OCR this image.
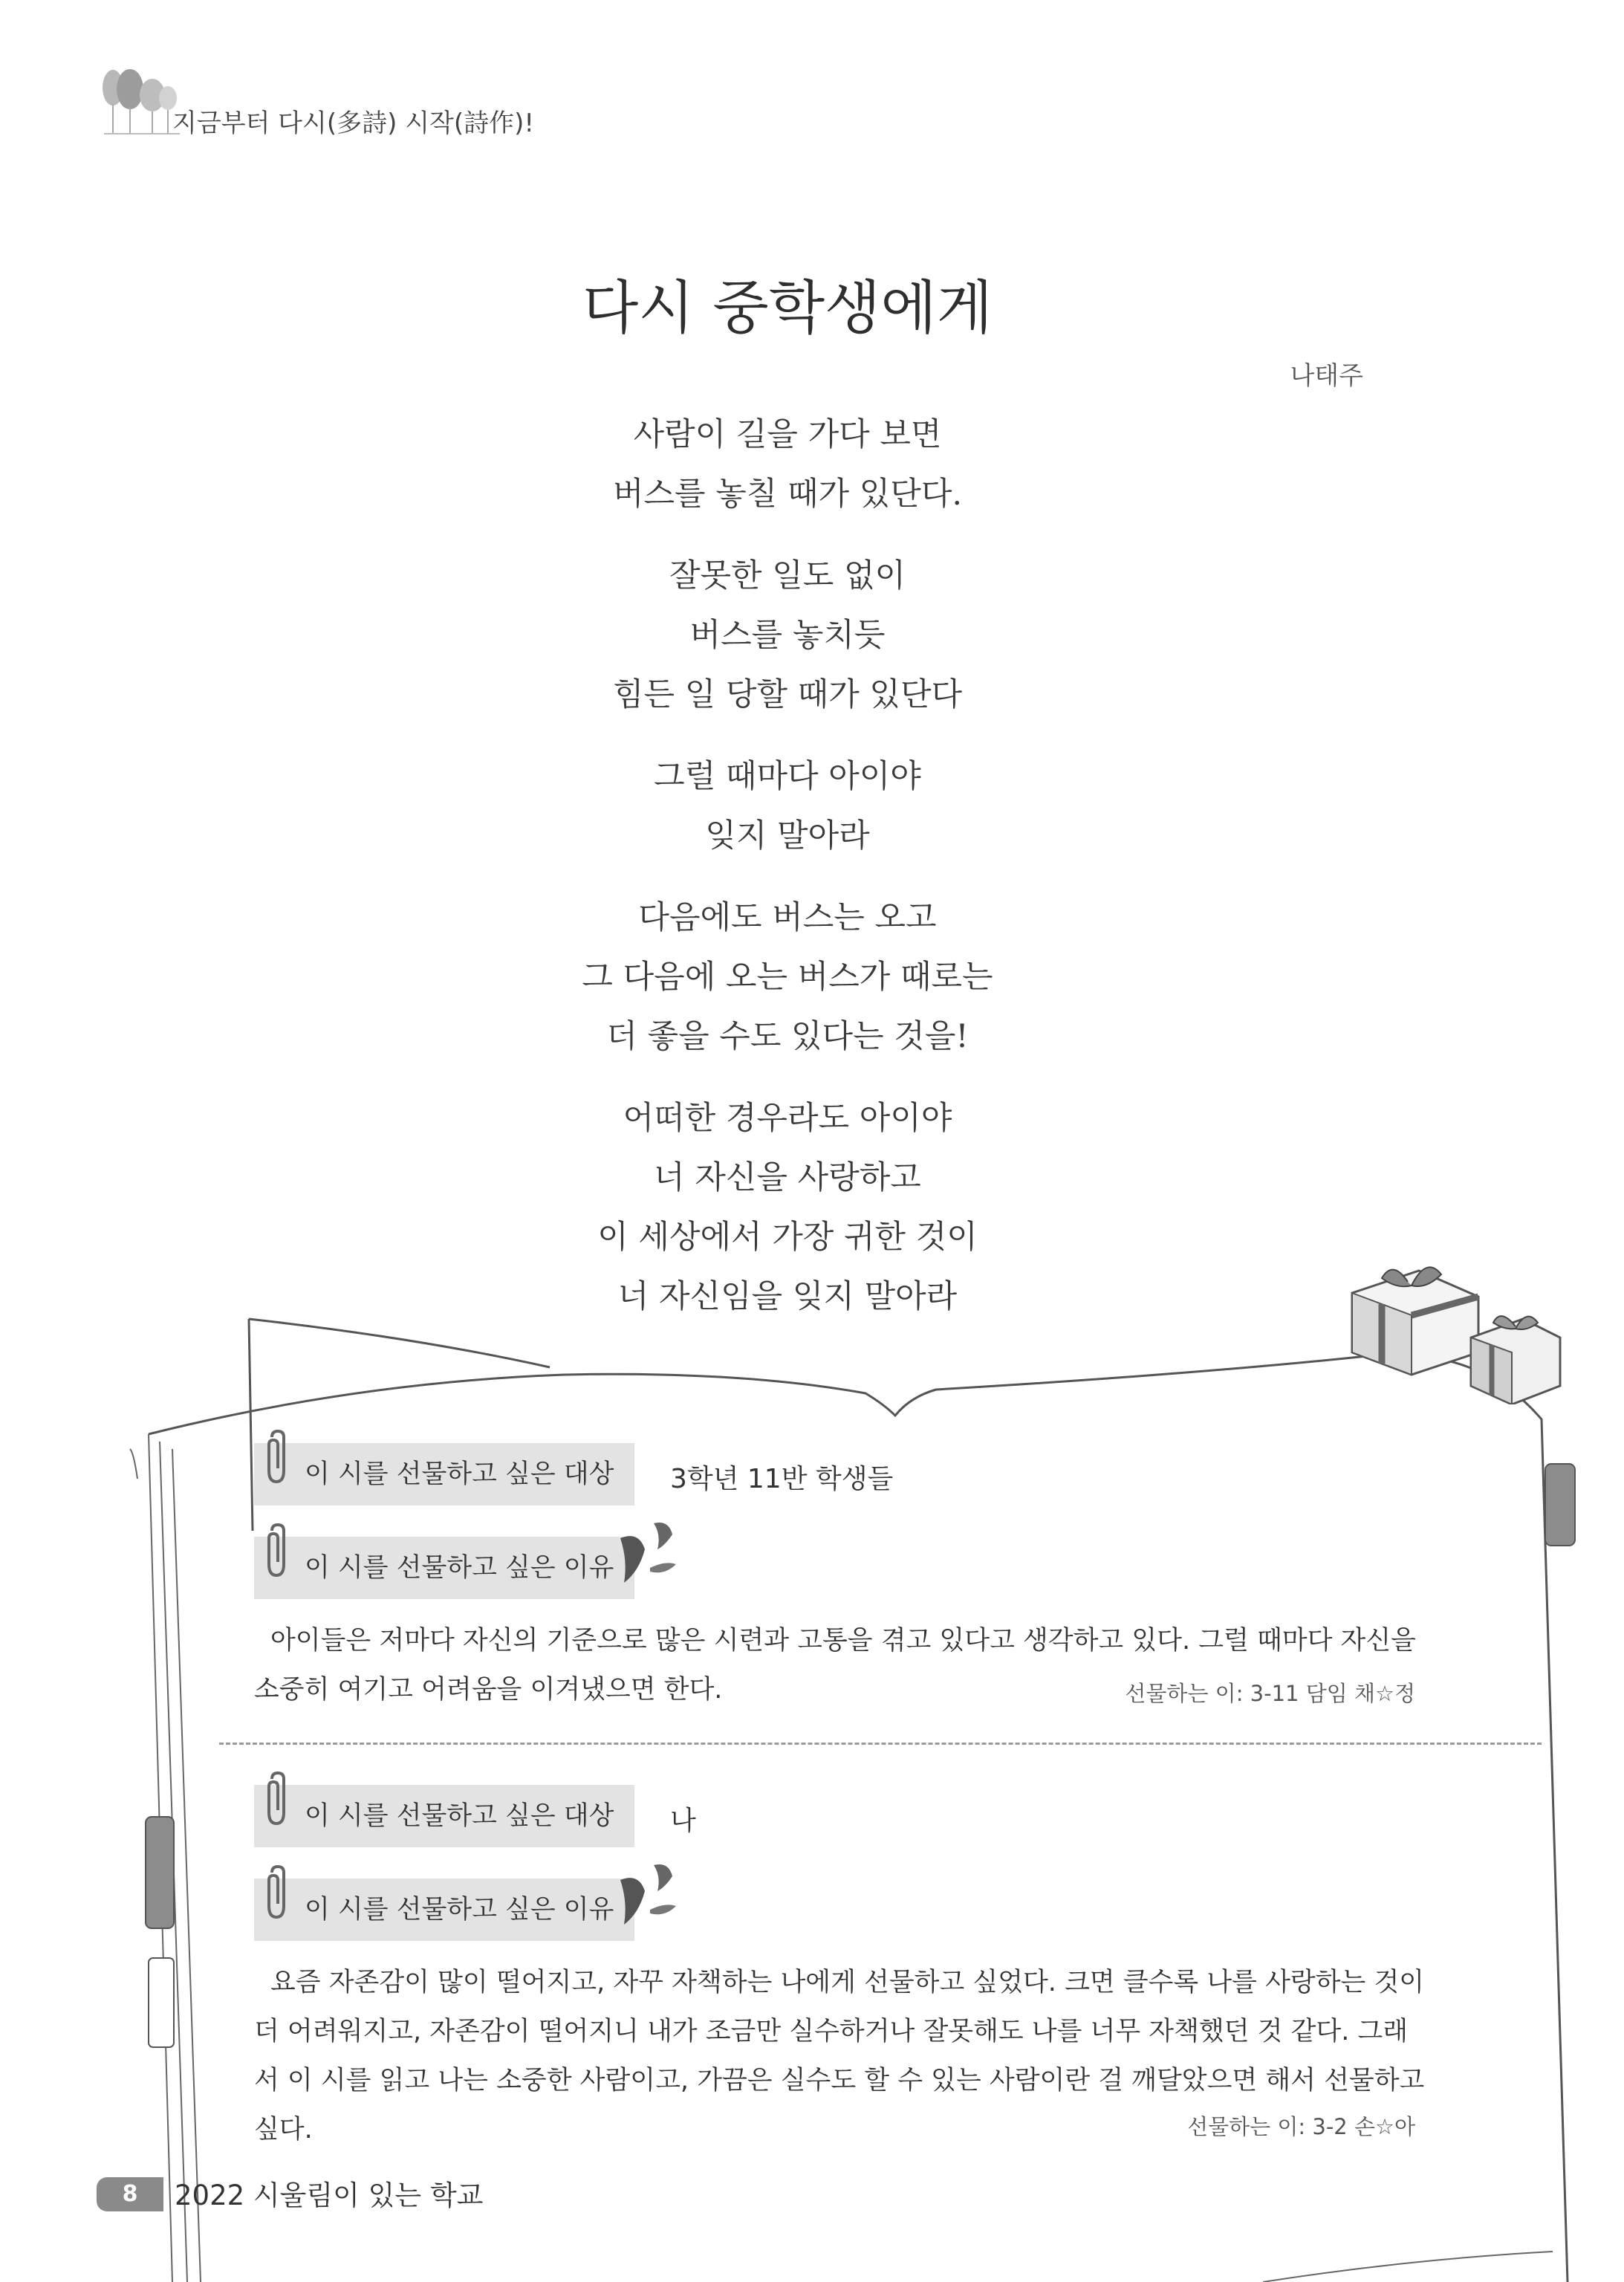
지금부터 다시(多詩) 시작(詩作)!
다시 중학생에게
나태주
사람이 길을 가다 보면
버스를 놓칠 때가 있단다.
잘못한 일도 없이
버스를 놓치듯
힘든 일 당할 때가 있단다
그럴 때마다 아이야
잊지 말아라
다음에도 버스는 오고
그 다음에 오는 버스가 때로는
더 좋을 수도 있다는 것을!
어떠한 경우라도 아이야
너 자신을 사랑하고
이 세상에서 가장 귀한 것이
너 자신임을 잊지 말아라
이 시를 선물하고 싶은 대상	3학년 11반 학생들
이 시를 선물하고 싶은 이유
아이들은 저마다 자신의 기준으로 많은 시련과 고통을 겪고 있다고 생각하고 있다. 그럴 때마다 자신을 소중히 여기고 어려움을 이겨냈으면 한다.	선물하는 이: 3-11 담임 채☆정
이 시를 선물하고 싶은 대상	나
이 시를 선물하고 싶은 이유
요즘 자존감이 많이 떨어지고, 자꾸 자책하는 나에게 선물하고 싶었다. 크면 클수록 나를 사랑하는 것이 더 어려워지고, 자존감이 떨어지니 내가 조금만 실수하거나 잘못해도 나를 너무 자책했던 것 같다. 그래서 이 시를 읽고 나는 소중한 사람이고, 가끔은 실수도 할 수 있는 사람이란 걸 깨달았으면 해서 선물하고 싶다.	선물하는 이: 3-2 손☆아
8	2022 시울림이 있는 학교
